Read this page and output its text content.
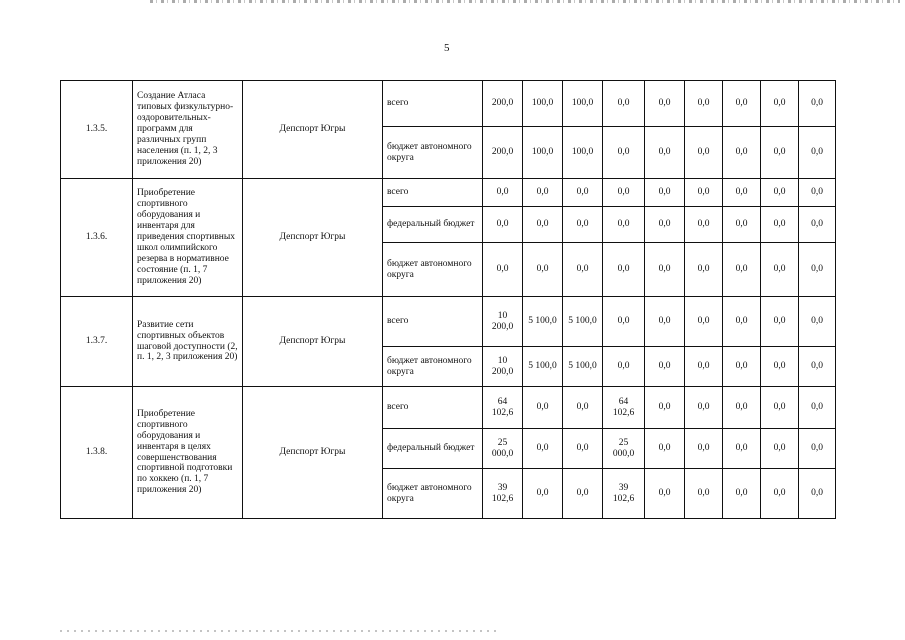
5
1.3.5.	Создание Атласа типовых физкультурно-оздоровительных-программ для различных групп населения (п. 1, 2, 3 приложения 20)	Депспорт Югры	всего	200,0	100,0	100,0	0,0	0,0	0,0	0,0	0,0	0,0
			бюджет автономного округа	200,0	100,0	100,0	0,0	0,0	0,0	0,0	0,0	0,0
1.3.6.	Приобретение спортивного оборудования и инвентаря для приведения спортивных школ олимпийского резерва в нормативное состояние (п. 1, 7 приложения 20)	Депспорт Югры	всего	0,0	0,0	0,0	0,0	0,0	0,0	0,0	0,0	0,0
			федеральный бюджет	0,0	0,0	0,0	0,0	0,0	0,0	0,0	0,0	0,0
			бюджет автономного округа	0,0	0,0	0,0	0,0	0,0	0,0	0,0	0,0	0,0
1.3.7.	Развитие сети спортивных объектов шаговой доступности (2, п. 1, 2, 3 приложения 20)	Депспорт Югры	всего	10 200,0	5 100,0	5 100,0	0,0	0,0	0,0	0,0	0,0	0,0
			бюджет автономного округа	10 200,0	5 100,0	5 100,0	0,0	0,0	0,0	0,0	0,0	0,0
1.3.8.	Приобретение спортивного оборудования и инвентаря в целях совершенствования спортивной подготовки по хоккею (п. 1, 7 приложения 20)	Депспорт Югры	всего	64 102,6	0,0	0,0	64 102,6	0,0	0,0	0,0	0,0	0,0
			федеральный бюджет	25 000,0	0,0	0,0	25 000,0	0,0	0,0	0,0	0,0	0,0
			бюджет автономного округа	39 102,6	0,0	0,0	39 102,6	0,0	0,0	0,0	0,0	0,0
